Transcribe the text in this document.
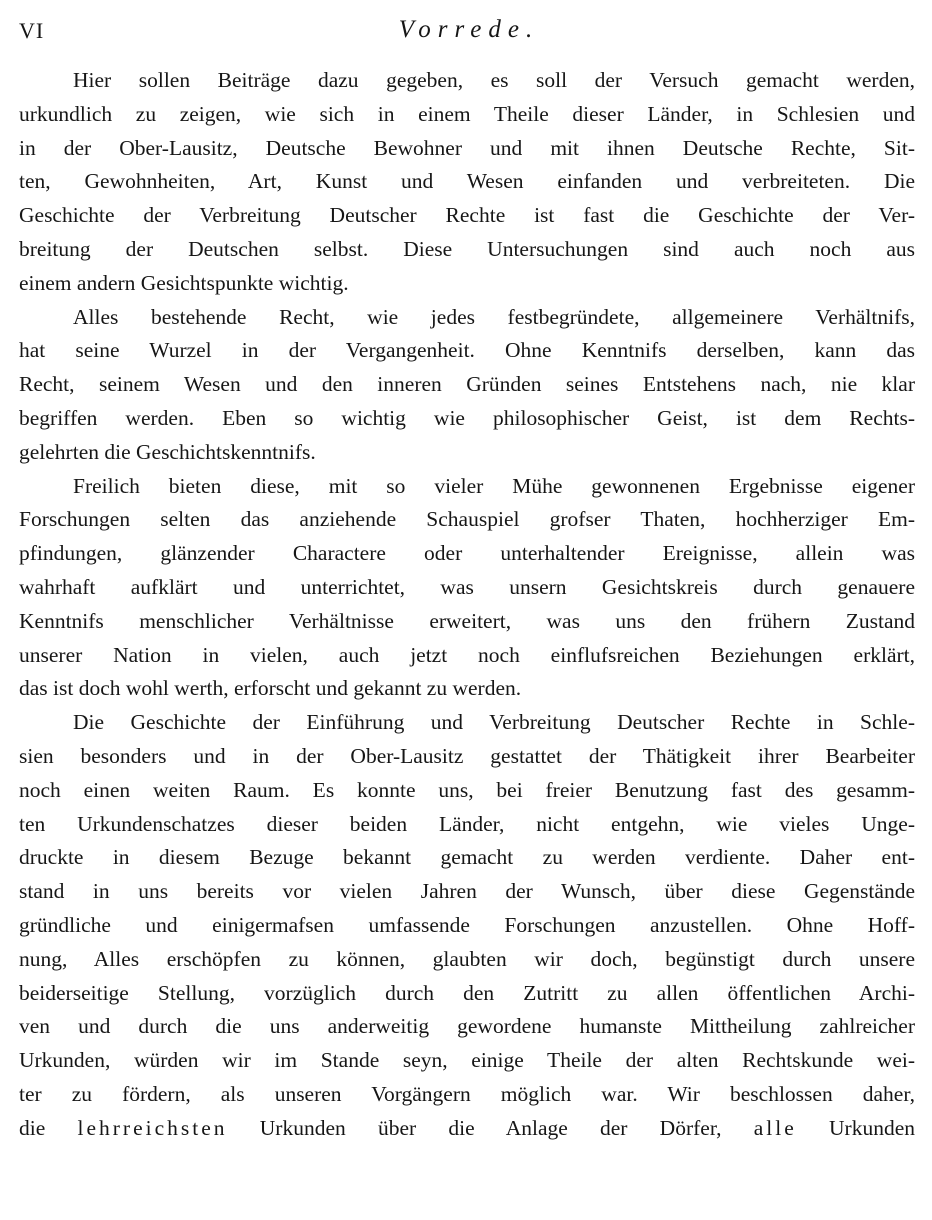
VI	Vorrede.
Hier sollen Beiträge dazu gegeben, es soll der Versuch gemacht werden,
urkundlich zu zeigen, wie sich in einem Theile dieser Länder, in Schlesien und
in der Ober-Lausitz, Deutsche Bewohner und mit ihnen Deutsche Rechte, Sit-
ten, Gewohnheiten, Art, Kunst und Wesen einfanden und verbreiteten. Die
Geschichte der Verbreitung Deutscher Rechte ist fast die Geschichte der Ver-
breitung der Deutschen selbst. Diese Untersuchungen sind auch noch aus
einem andern Gesichtspunkte wichtig.
Alles bestehende Recht, wie jedes festbegründete, allgemeinere Verhältnifs,
hat seine Wurzel in der Vergangenheit. Ohne Kenntnifs derselben, kann das
Recht, seinem Wesen und den inneren Gründen seines Entstehens nach, nie klar
begriffen werden. Eben so wichtig wie philosophischer Geist, ist dem Rechts-
gelehrten die Geschichtskenntnifs.
Freilich bieten diese, mit so vieler Mühe gewonnenen Ergebnisse eigener
Forschungen selten das anziehende Schauspiel grofser Thaten, hochherziger Em-
pfindungen, glänzender Charactere oder unterhaltender Ereignisse, allein was
wahrhaft aufklärt und unterrichtet, was unsern Gesichtskreis durch genauere
Kenntnifs menschlicher Verhältnisse erweitert, was uns den frühern Zustand
unserer Nation in vielen, auch jetzt noch einflufsreichen Beziehungen erklärt,
das ist doch wohl werth, erforscht und gekannt zu werden.
Die Geschichte der Einführung und Verbreitung Deutscher Rechte in Schle-
sien besonders und in der Ober-Lausitz gestattet der Thätigkeit ihrer Bearbeiter
noch einen weiten Raum. Es konnte uns, bei freier Benutzung fast des gesamm-
ten Urkundenschatzes dieser beiden Länder, nicht entgehn, wie vieles Unge-
druckte in diesem Bezuge bekannt gemacht zu werden verdiente. Daher ent-
stand in uns bereits vor vielen Jahren der Wunsch, über diese Gegenstände
gründliche und einigermafsen umfassende Forschungen anzustellen. Ohne Hoff-
nung, Alles erschöpfen zu können, glaubten wir doch, begünstigt durch unsere
beiderseitige Stellung, vorzüglich durch den Zutritt zu allen öffentlichen Archi-
ven und durch die uns anderweitig gewordene humanste Mittheilung zahlreicher
Urkunden, würden wir im Stande seyn, einige Theile der alten Rechtskunde wei-
ter zu fördern, als unseren Vorgängern möglich war. Wir beschlossen daher,
die lehrreichsten Urkunden über die Anlage der Dörfer, alle Urkunden
